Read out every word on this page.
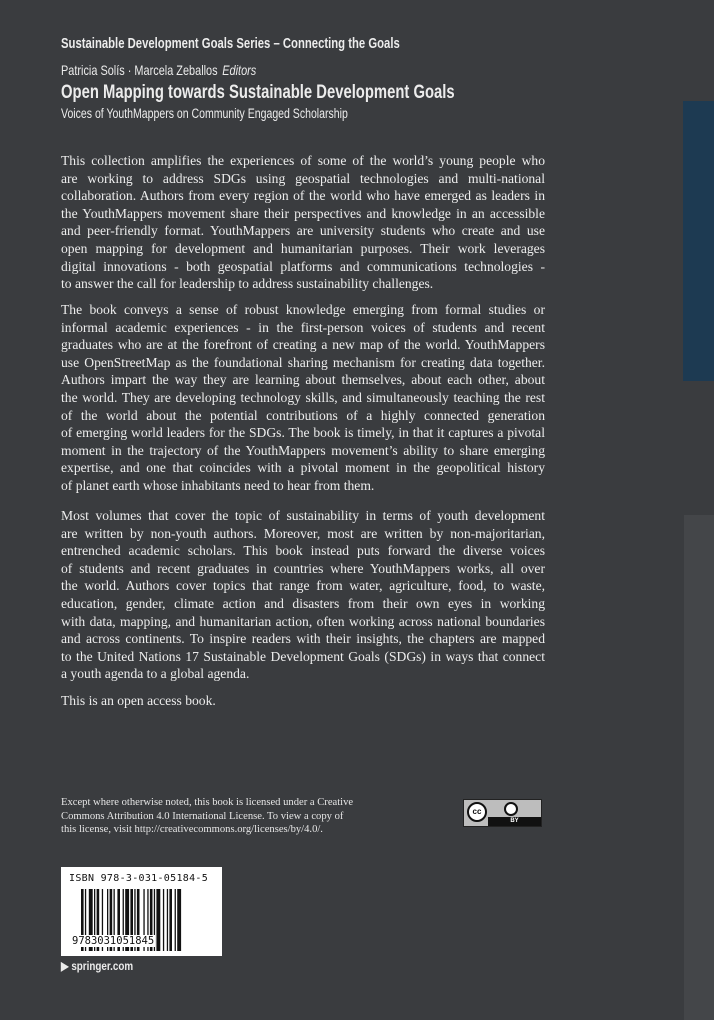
Sustainable Development Goals Series – Connecting the Goals
Patricia Solís · Marcela Zeballos Editors
Open Mapping towards Sustainable Development Goals
Voices of YouthMappers on Community Engaged Scholarship
This collection amplifies the experiences of some of the world’s young people who
are working to address SDGs using geospatial technologies and multi-national
collaboration. Authors from every region of the world who have emerged as leaders in
the YouthMappers movement share their perspectives and knowledge in an accessible
and peer-friendly format. YouthMappers are university students who create and use
open mapping for development and humanitarian purposes. Their work leverages
digital innovations - both geospatial platforms and communications technologies -
to answer the call for leadership to address sustainability challenges.
The book conveys a sense of robust knowledge emerging from formal studies or
informal academic experiences - in the first-person voices of students and recent
graduates who are at the forefront of creating a new map of the world. YouthMappers
use OpenStreetMap as the foundational sharing mechanism for creating data together.
Authors impart the way they are learning about themselves, about each other, about
the world. They are developing technology skills, and simultaneously teaching the rest
of the world about the potential contributions of a highly connected generation
of emerging world leaders for the SDGs. The book is timely, in that it captures a pivotal
moment in the trajectory of the YouthMappers movement’s ability to share emerging
expertise, and one that coincides with a pivotal moment in the geopolitical history
of planet earth whose inhabitants need to hear from them.
Most volumes that cover the topic of sustainability in terms of youth development
are written by non-youth authors. Moreover, most are written by non-majoritarian,
entrenched academic scholars. This book instead puts forward the diverse voices
of students and recent graduates in countries where YouthMappers works, all over
the world. Authors cover topics that range from water, agriculture, food, to waste,
education, gender, climate action and disasters from their own eyes in working
with data, mapping, and humanitarian action, often working across national boundaries
and across continents. To inspire readers with their insights, the chapters are mapped
to the United Nations 17 Sustainable Development Goals (SDGs) in ways that connect
a youth agenda to a global agenda.
This is an open access book.
Except where otherwise noted, this book is licensed under a Creative Commons Attribution 4.0 International License. To view a copy of this license, visit http://creativecommons.org/licenses/by/4.0/.
cc
BY
ISBN 978-3-031-05184-5
9783031051845
▶ springer.com
